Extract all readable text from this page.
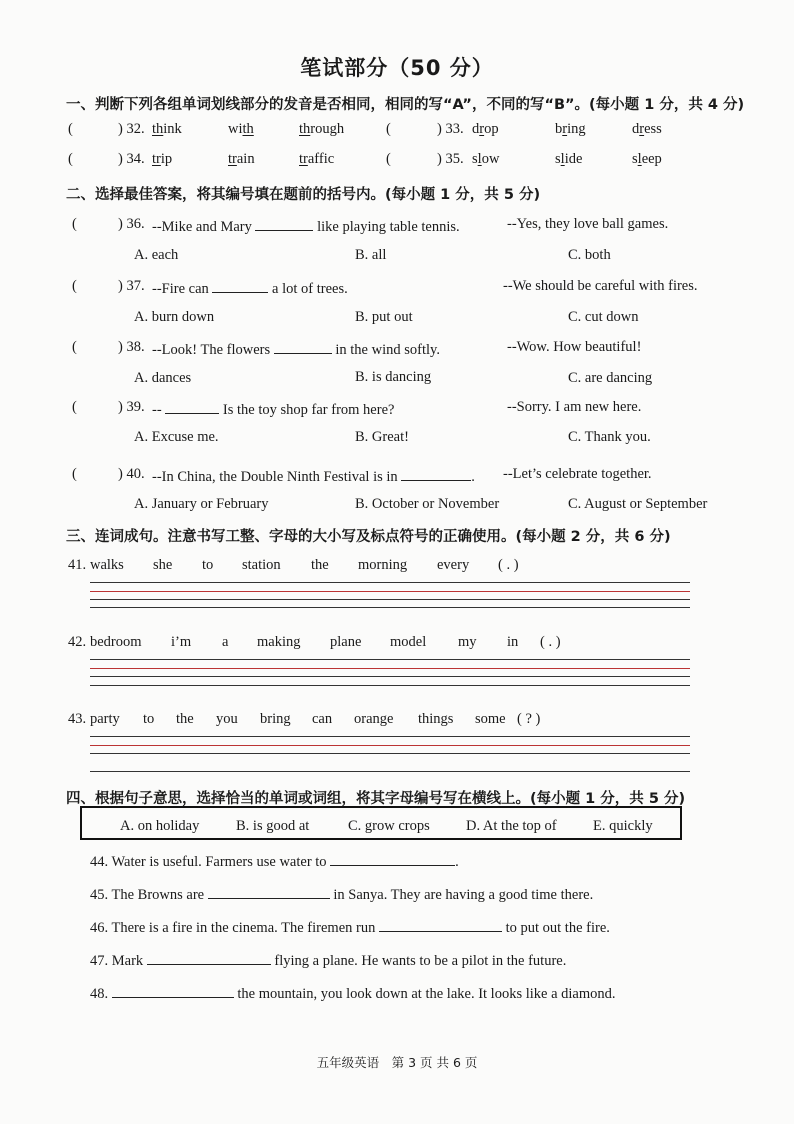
笔试部分（50 分）
一、判断下列各组单词划线部分的发音是否相同，相同的写“A”，不同的写“B”。(每小题 1 分，共 4 分)
(	) 32. think	with	through	(	) 33. drop	bring	dress
(	) 34. trip	train	traffic	(	) 35. slow	slide	sleep
二、选择最佳答案，将其编号填在题前的括号内。(每小题 1 分，共 5 分)
(	) 36. --Mike and Mary	like playing table tennis.	--Yes, they love ball games.
A. each	B. all	C. both
(	) 37. --Fire can	a lot of trees.	--We should be careful with fires.
A. burn down	B. put out	C. cut down
(	) 38. --Look! The flowers	in the wind softly.	--Wow. How beautiful!
A. dances	B. is dancing	C. are dancing
(	) 39. --	Is the toy shop far from here?	--Sorry. I am new here.
A. Excuse me.	B. Great!	C. Thank you.
(	) 40. --In China, the Double Ninth Festival is in	. --Let’s celebrate together.
A. January or February	B. October or November	C. August or September
三、连词成句。注意书写工整、字母的大小写及标点符号的正确使用。(每小题 2 分，共 6 分)
41. walks she to station the morning every ( . )
42. bedroom i’m a making plane model my in ( . )
43. party to the you bring can orange things some ( ? )
四、根据句子意思，选择恰当的单词或词组，将其字母编号写在横线上。(每小题 1 分，共 5 分)
A. on holiday	B. is good at	C. grow crops D. At the top of	E. quickly
44. Water is useful. Farmers use water to	.
45. The Browns are	in Sanya. They are having a good time there.
46. There is a fire in the cinema. The firemen run	to put out the fire.
47. Mark	flying a plane. He wants to be a pilot in the future.
48.	the mountain, you look down at the lake. It looks like a diamond.
五年级英语　第 3 页 共 6 页
